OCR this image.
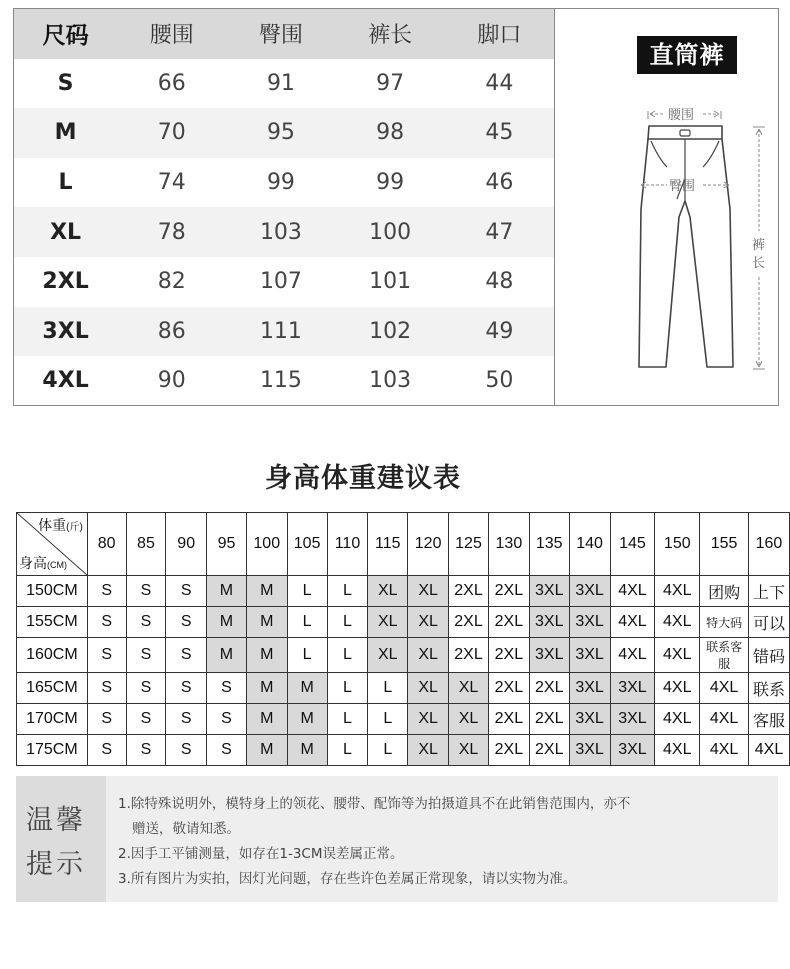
尺码	腰围	臀围	裤长	脚口
S	66	91	97	44
M	70	95	98	45
L	74	99	99	46
XL	78	103	100	47
2XL	82	107	101	48
3XL	86	111	102	49
4XL	90	115	103	50
腰围
臀围
裤
长
直筒裤
身高体重建议表
体重(斤)
身高(CM)	80	85	90	95	100	105	110	115	120	125	130	135	140	145	150	155	160
150CM	S	S	S	M	M	L	L	XL	XL	2XL	2XL	3XL	3XL	4XL	4XL	团购	上下
155CM	S	S	S	M	M	L	L	XL	XL	2XL	2XL	3XL	3XL	4XL	4XL	特大码	可以
160CM	S	S	S	M	M	L	L	XL	XL	2XL	2XL	3XL	3XL	4XL	4XL	联系客服	错码
165CM	S	S	S	S	M	M	L	L	XL	XL	2XL	2XL	3XL	3XL	4XL	4XL	联系
170CM	S	S	S	S	M	M	L	L	XL	XL	2XL	2XL	3XL	3XL	4XL	4XL	客服
175CM	S	S	S	S	M	M	L	L	XL	XL	2XL	2XL	3XL	3XL	4XL	4XL	4XL
温馨
提示
1.除特殊说明外，模特身上的领花、腰带、配饰等为拍摄道具不在此销售范围内，亦不
赠送，敬请知悉。
2.因手工平铺测量，如存在1-3CM误差属正常。
3.所有图片为实拍，因灯光问题，存在些许色差属正常现象，请以实物为准。
